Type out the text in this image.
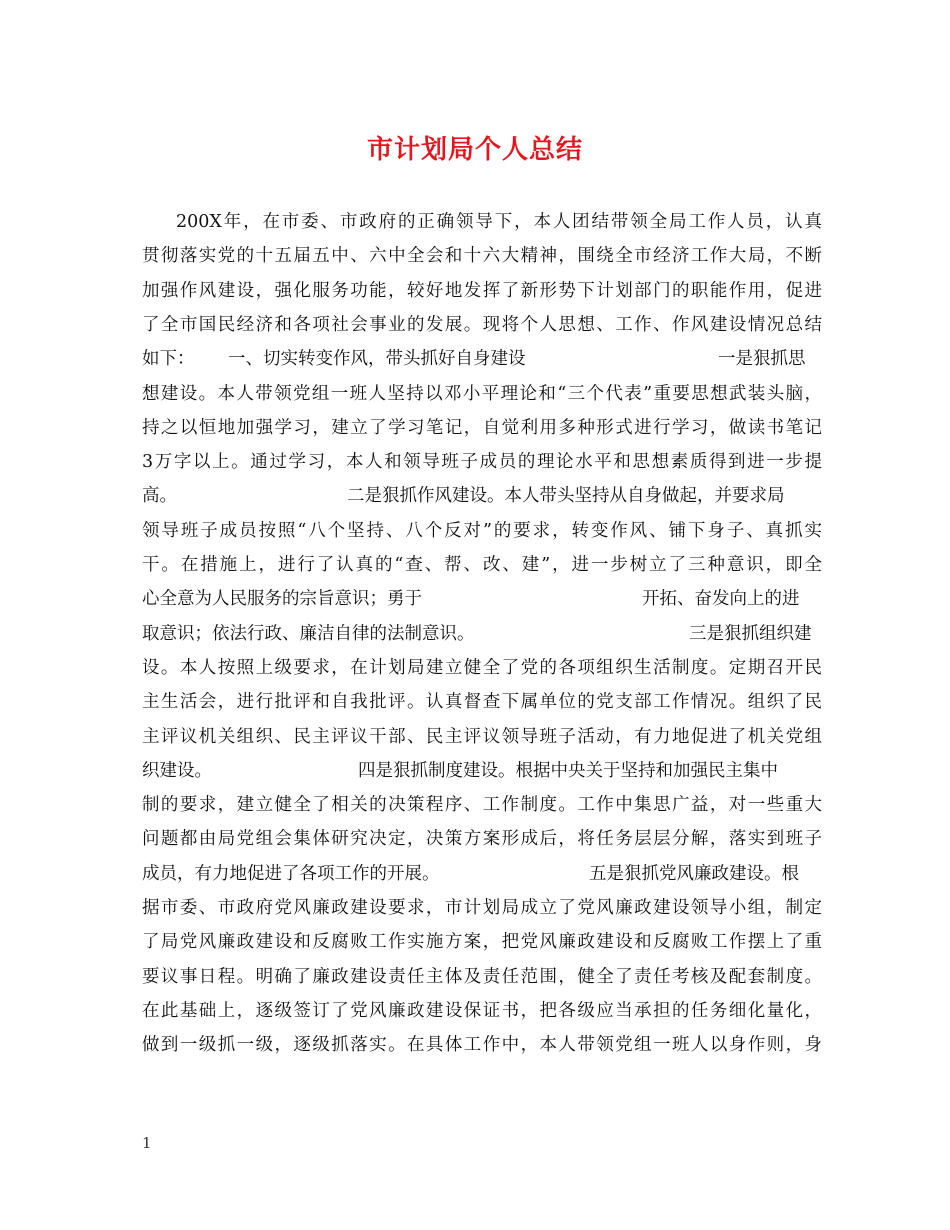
市计划局个人总结
200X年，在市委、市政府的正确领导下，本人团结带领全局工作人员，认真
贯彻落实党的十五届五中、六中全会和十六大精神，围绕全市经济工作大局，不断
加强作风建设，强化服务功能，较好地发挥了新形势下计划部门的职能作用，促进
了全市国民经济和各项社会事业的发展。现将个人思想、工作、作风建设情况总结
如下： 一、切实转变作风，带头抓好自身建设	一是狠抓思
想建设。本人带领党组一班人坚持以邓小平理论和“三个代表”重要思想武装头脑，
持之以恒地加强学习，建立了学习笔记，自觉利用多种形式进行学习，做读书笔记
3万字以上。通过学习，本人和领导班子成员的理论水平和思想素质得到进一步提
高。	二是狠抓作风建设。本人带头坚持从自身做起，并要求局
领导班子成员按照“八个坚持、八个反对”的要求，转变作风、铺下身子、真抓实
干。在措施上，进行了认真的“查、帮、改、建”，进一步树立了三种意识，即全
心全意为人民服务的宗旨意识；勇于	开拓、奋发向上的进
取意识；依法行政、廉洁自律的法制意识。	三是狠抓组织建
设。本人按照上级要求，在计划局建立健全了党的各项组织生活制度。定期召开民
主生活会，进行批评和自我批评。认真督查下属单位的党支部工作情况。组织了民
主评议机关组织、民主评议干部、民主评议领导班子活动，有力地促进了机关党组
织建设。	四是狠抓制度建设。根据中央关于坚持和加强民主集中
制的要求，建立健全了相关的决策程序、工作制度。工作中集思广益，对一些重大
问题都由局党组会集体研究决定，决策方案形成后，将任务层层分解，落实到班子
成员，有力地促进了各项工作的开展。	五是狠抓党风廉政建设。根
据市委、市政府党风廉政建设要求，市计划局成立了党风廉政建设领导小组，制定
了局党风廉政建设和反腐败工作实施方案，把党风廉政建设和反腐败工作摆上了重
要议事日程。明确了廉政建设责任主体及责任范围，健全了责任考核及配套制度。
在此基础上，逐级签订了党风廉政建设保证书，把各级应当承担的任务细化量化，
做到一级抓一级，逐级抓落实。在具体工作中，本人带领党组一班人以身作则，身
1
